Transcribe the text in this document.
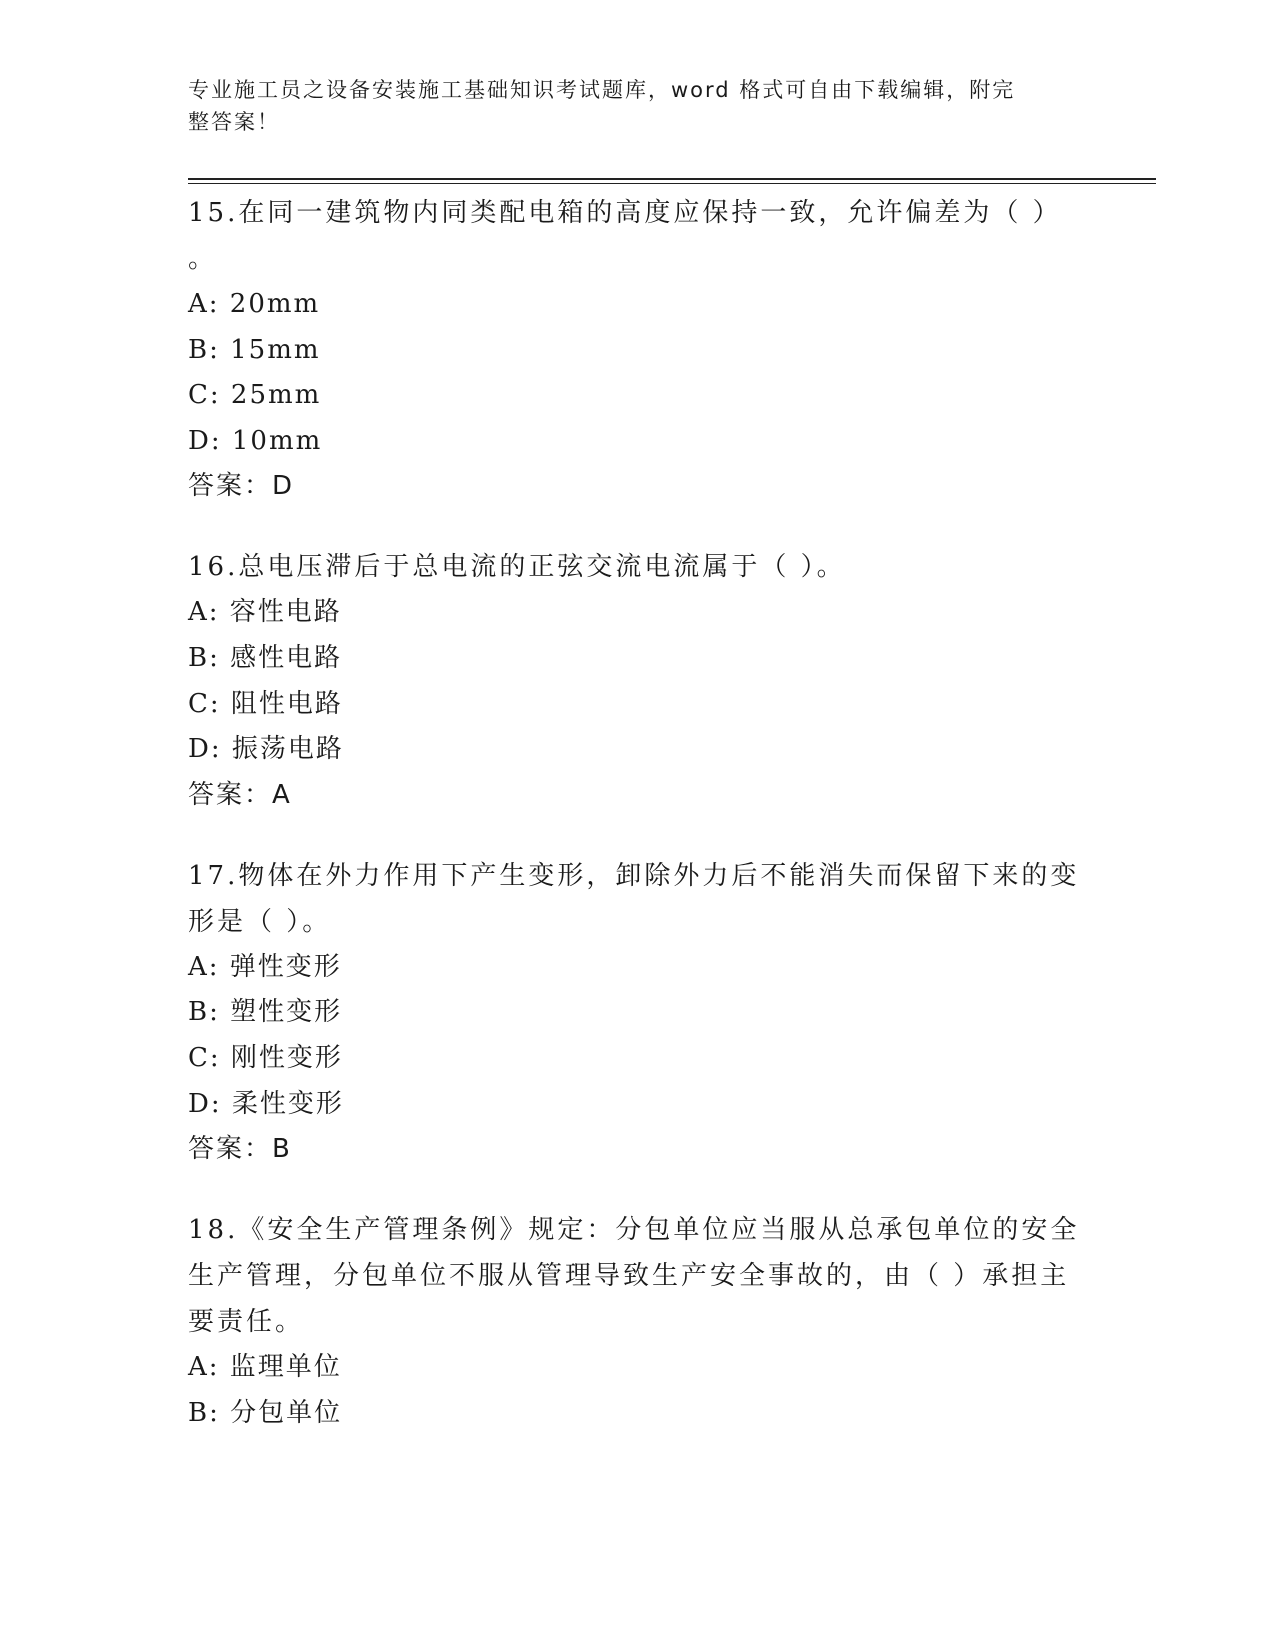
专业施工员之设备安装施工基础知识考试题库，word 格式可自由下载编辑，附完
整答案！

15.在同一建筑物内同类配电箱的高度应保持一致，允许偏差为（ ）

。

A: 20mm

B: 15mm

C: 25mm

D: 10mm

答案：D

16.总电压滞后于总电流的正弦交流电流属于（ ）。

A: 容性电路

B: 感性电路

C: 阻性电路

D: 振荡电路

答案：A

17.物体在外力作用下产生变形，卸除外力后不能消失而保留下来的变

形是（ ）。

A: 弹性变形

B: 塑性变形

C: 刚性变形

D: 柔性变形

答案：B

18.《安全生产管理条例》规定：分包单位应当服从总承包单位的安全

生产管理，分包单位不服从管理导致生产安全事故的，由（ ）承担主

要责任。

A: 监理单位

B: 分包单位
